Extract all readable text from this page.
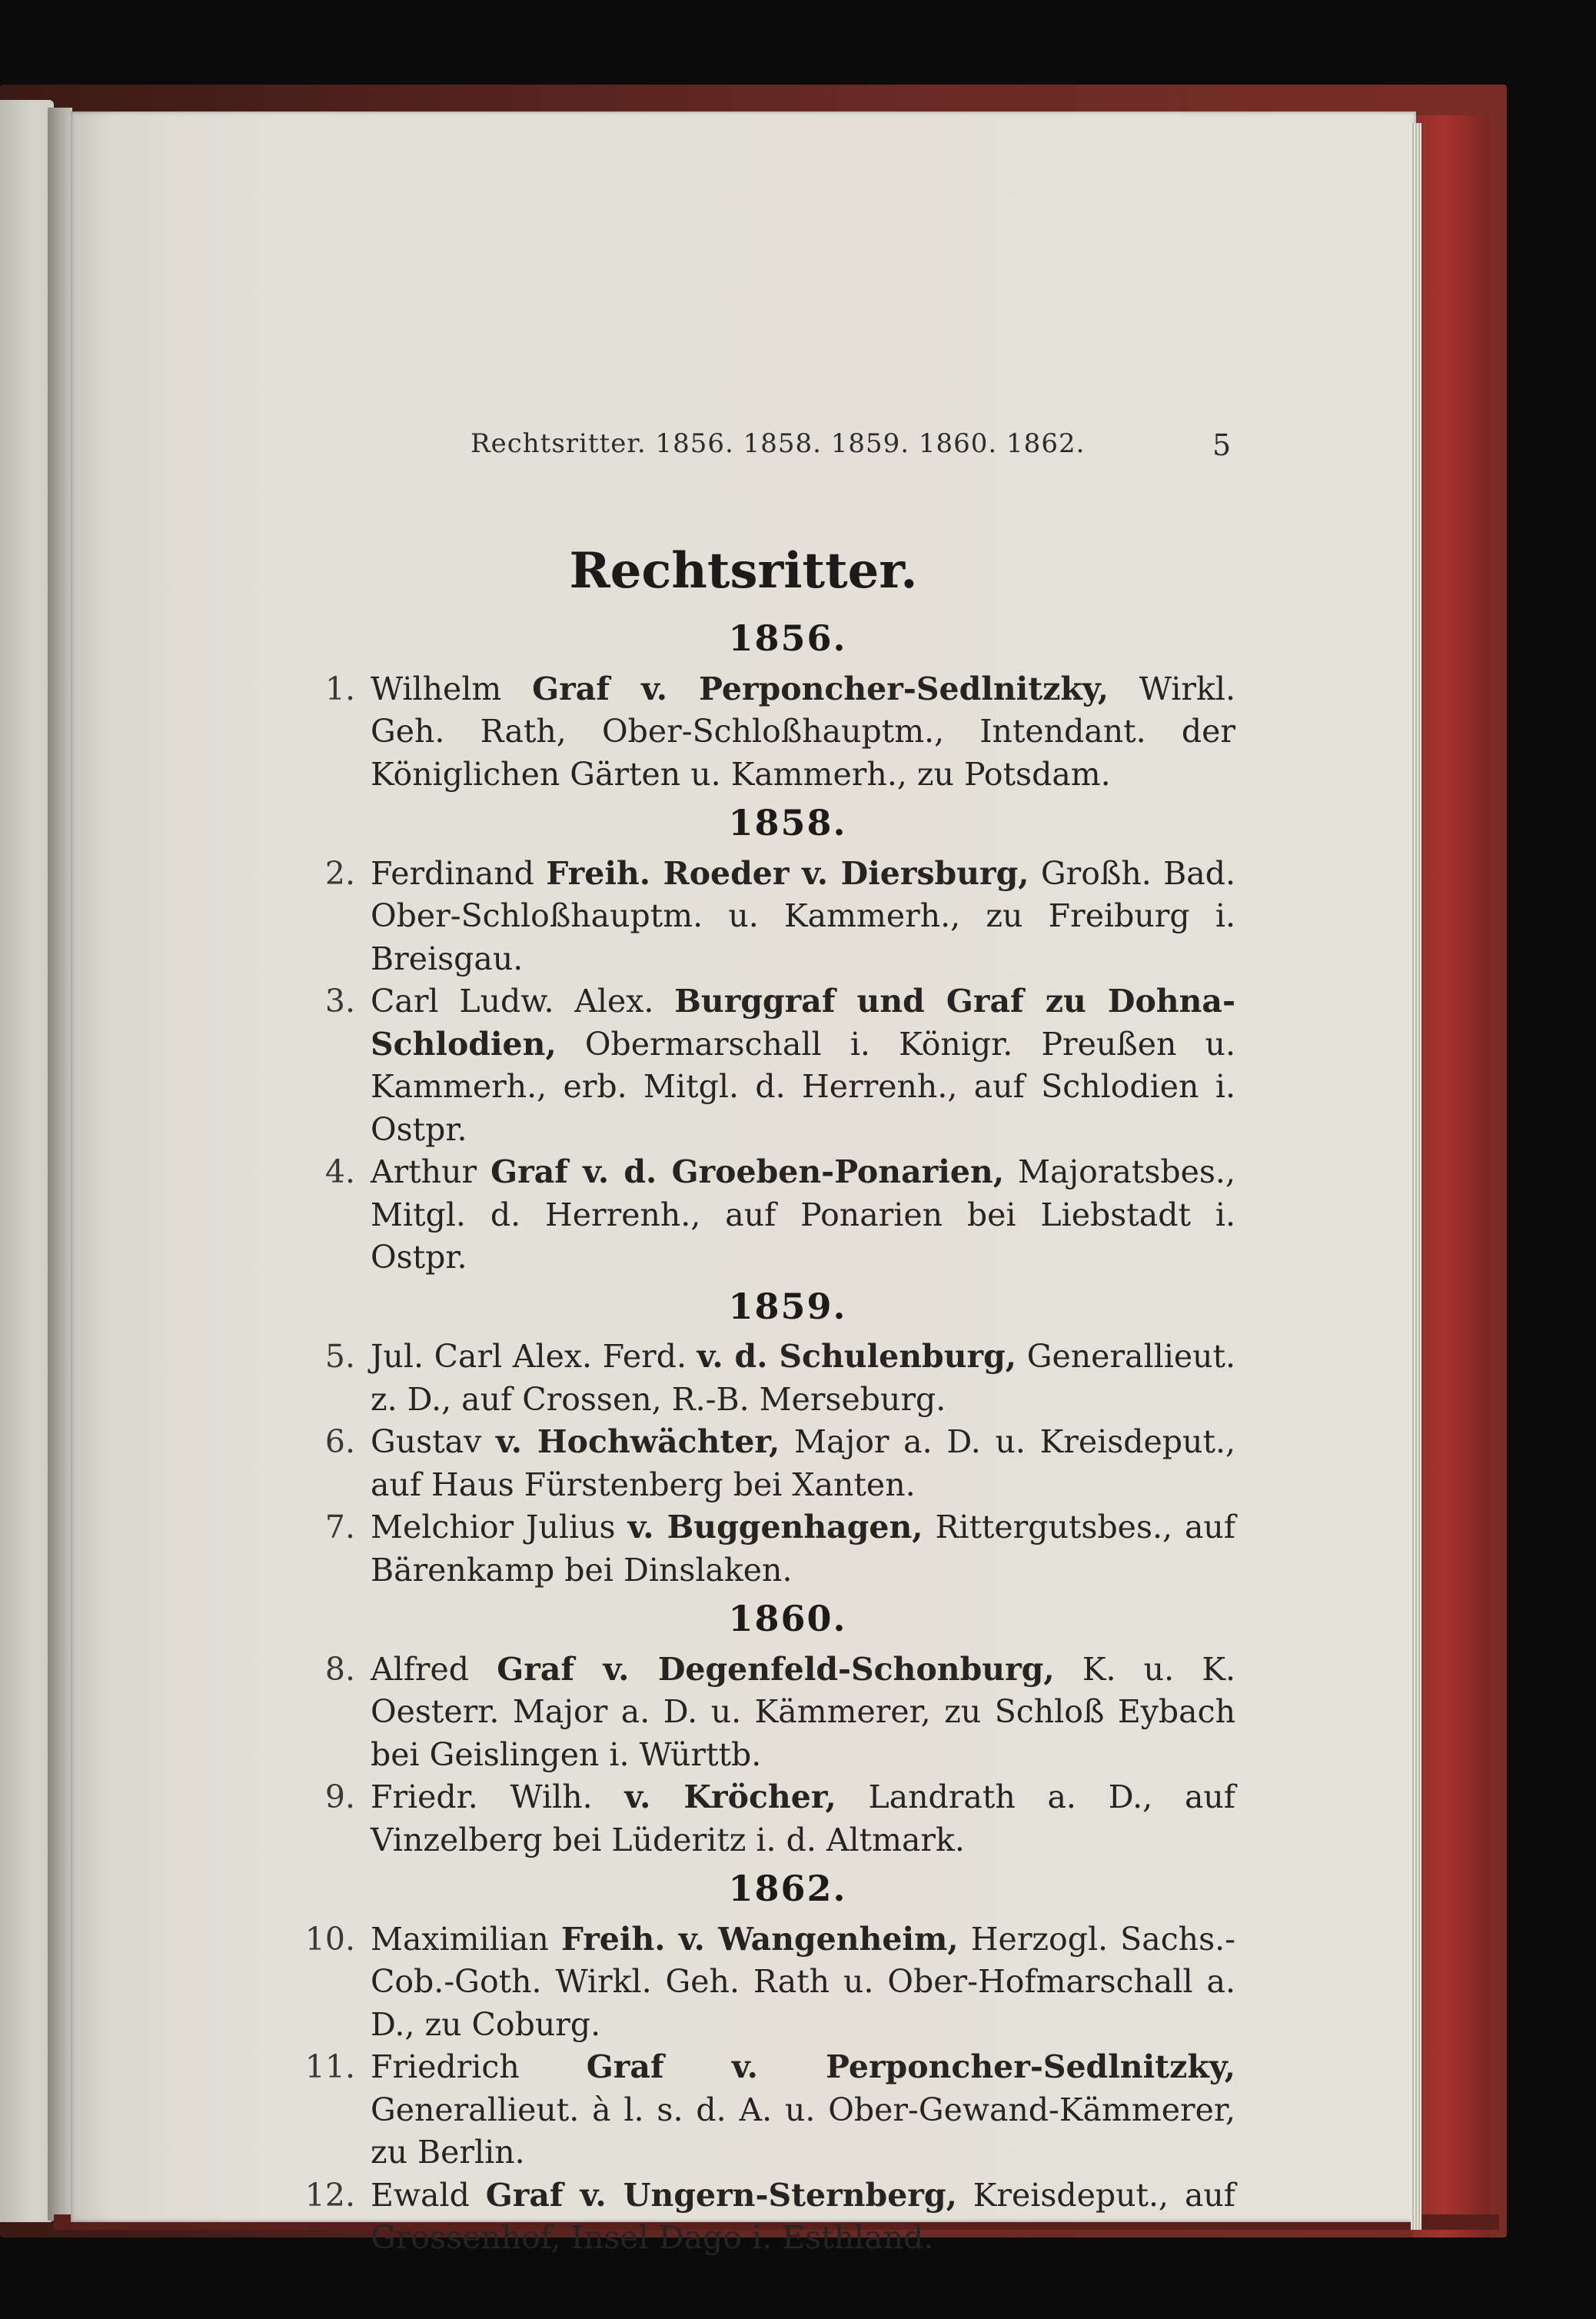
Rechtsritter. 1856. 1858. 1859. 1860. 1862.	5
Rechtsritter.
1856.
1. Wilhelm Graf v. Perponcher-Sedlnitzky, Wirkl. Geh. Rath, Ober-Schloßhauptm., Intendant. der Königlichen Gärten u. Kammerh., zu Potsdam.
1858.
2. Ferdinand Freih. Roeder v. Diersburg, Großh. Bad. Ober-Schloßhauptm. u. Kammerh., zu Freiburg i. Breisgau.
3. Carl Ludw. Alex. Burggraf und Graf zu Dohna-Schlodien, Obermarschall i. Königr. Preußen u. Kammerh., erb. Mitgl. d. Herrenh., auf Schlodien i. Ostpr.
4. Arthur Graf v. d. Groeben-Ponarien, Majoratsbes., Mitgl. d. Herrenh., auf Ponarien bei Liebstadt i. Ostpr.
1859.
5. Jul. Carl Alex. Ferd. v. d. Schulenburg, Generallieut. z. D., auf Crossen, R.-B. Merseburg.
6. Gustav v. Hochwächter, Major a. D. u. Kreisdeput., auf Haus Fürstenberg bei Xanten.
7. Melchior Julius v. Buggenhagen, Rittergutsbes., auf Bärenkamp bei Dinslaken.
1860.
8. Alfred Graf v. Degenfeld-Schonburg, K. u. K. Oesterr. Major a. D. u. Kämmerer, zu Schloß Eybach bei Geislingen i. Württb.
9. Friedr. Wilh. v. Kröcher, Landrath a. D., auf Vinzelberg bei Lüderitz i. d. Altmark.
1862.
10. Maximilian Freih. v. Wangenheim, Herzogl. Sachs.-Cob.-Goth. Wirkl. Geh. Rath u. Ober-Hofmarschall a. D., zu Coburg.
11. Friedrich Graf v. Perponcher-Sedlnitzky, Generallieut. à l. s. d. A. u. Ober-Gewand-Kämmerer, zu Berlin.
12. Ewald Graf v. Ungern-Sternberg, Kreisdeput., auf Grossenhof, Insel Dago i. Esthland.
